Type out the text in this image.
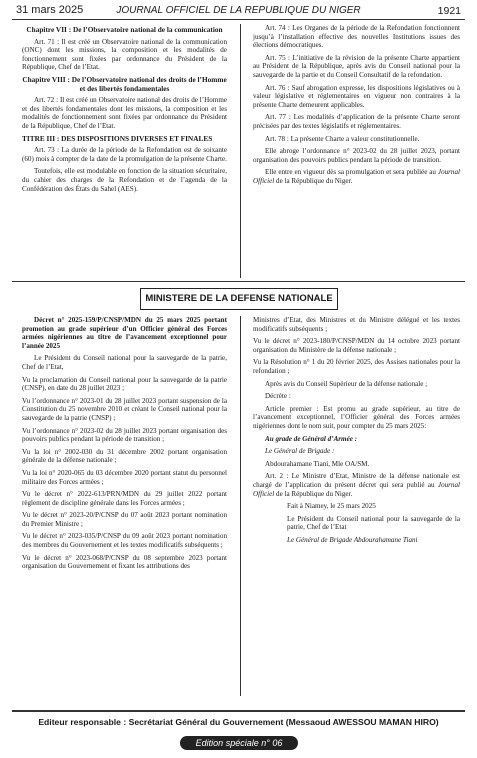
31 mars 2025	JOURNAL OFFICIEL DE LA REPUBLIQUE DU NIGER	1921
Chapitre VII : De l’Observatoire national de la communication

Art. 71 : Il est créé un Observatoire national de la communication (ONC) dont les missions, la composition et les modalités de fonctionnement sont fixées par ordonnance du Président de la République, Chef de l’Etat.

Chapitre VIII : De l’Observatoire national des droits de l’Homme et des libertés fondamentales

Art. 72 : Il est créé un Observatoire national des droits de l’Homme et des libertés fondamentales dont les missions, la composition et les modalités de fonctionnement sont fixées par ordonnance du Président de la République, Chef de l’Etat.

TITRE III : DES DISPOSITIONS DIVERSES ET FINALES

Art. 73 : La durée de la période de la Refondation est de soixante (60) mois à compter de la date de la promulgation de la présente Charte.

Toutefois, elle est modulable en fonction de la situation sécuritaire, du cahier des charges de la Refondation et de l’agenda de la Confédération des États du Sahel (AES).

Art. 74 : Les Organes de la période de la Refondation fonctionnent jusqu’à l’installation effective des nouvelles Institutions issues des élections démocratiques.

Art. 75 : L’initiative de la révision de la présente Charte appartient au Président de la République, après avis du Conseil national pour la sauvegarde de la partie et du Conseil Consultatif de la refondation.

Art. 76 : Sauf abrogation expresse, les dispositions législatives ou à valeur législative et réglementaires en vigueur non contraires à la présente Charte demeurent applicables.

Art. 77 : Les modalités d’application de la présente Charte seront précisées par des textes législatifs et réglementaires.

Art. 78 : La présente Charte a valeur constitutionnelle.

Elle abroge l’ordonnance n° 2023-02 du 28 juillet 2023, portant organisation des pouvoirs publics pendant la période de transition.

Elle entre en vigueur dès sa promulgation et sera publiée au Journal Officiel de la République du Niger.

MINISTERE DE LA DEFENSE NATIONALE

Décret n° 2025-159/P/CNSP/MDN du 25 mars 2025 portant promotion au grade supérieur d’un Officier général des Forces armées nigériennes au titre de l’avancement exceptionnel pour l’année 2025

Le Président du Conseil national pour la sauvegarde de la patrie, Chef de l’Etat,

Vu la proclamation du Conseil national pour la sauvegarde de la patrie (CNSP), en date du 28 juillet 2023 ;

Vu l’ordonnance n° 2023-01 du 28 juillet 2023 portant suspension de la Constitution du 25 novembre 2010 et créant le Conseil national pour la sauvegarde de la patrie (CNSP) ;

Vu l’ordonnance n° 2023-02 du 28 juillet 2023 portant organisation des pouvoirs publics pendant la période de transition ;

Vu la loi n° 2002-030 du 31 décembre 2002 portant organisation générale de la défense nationale ;

Vu la loi n° 2020-065 du 03 décembre 2020 portant statut du personnel militaire des Forces armées ;

Vu le décret n° 2022-613/PRN/MDN du 29 juillet 2022 portant règlement de discipline générale dans les Forces armées ;

Vu le décret n° 2023-20/P/CNSP du 07 août 2023 portant nomination du Premier Ministre ;

Vu le décret n° 2023-035/P/CNSP du 09 août 2023 portant nomination des membres du Gouvernement et les textes modificatifs subséquents ;

Vu le décret n° 2023-068/P/CNSP du 08 septembre 2023 portant organisation du Gouvernement et fixant les attributions des

Ministres d’Etat, des Ministres et du Ministre délégué et les textes modificatifs subséquents ;

Vu le décret n° 2023-180/P/CNSP/MDN du 14 octobre 2023 portant organisation du Ministère de la défense nationale ;

Vu la Résolution n° 1 du 20 février 2025, des Assises nationales pour la refondation ;

Après avis du Conseil Supérieur de la défense nationale ;

Décrète :

Article premier : Est promu au grade supérieur, au titre de l’avancement exceptionnel, l’Officier général des Forces armées nigériennes dont le nom suit, pour compter du 25 mars 2025:

Au grade de Général d’Armée :

Le Général de Brigade :

Abdourahamane Tiani, Mle OA/SM.

Art. 2 : Le Ministre d’Etat, Ministre de la défense nationale est chargé de l’application du présent décret qui sera publié au Journal Officiel de la République du Niger.

Fait à Niamey, le 25 mars 2025

Le Président du Conseil national pour la sauvegarde de la patrie, Chef de l’Etat

Le Général de Brigade Abdourahamane Tiani

Editeur responsable : Secrétariat Général du Gouvernement (Messaoud AWESSOU MAMAN HIRO)
Edition spéciale n° 06
